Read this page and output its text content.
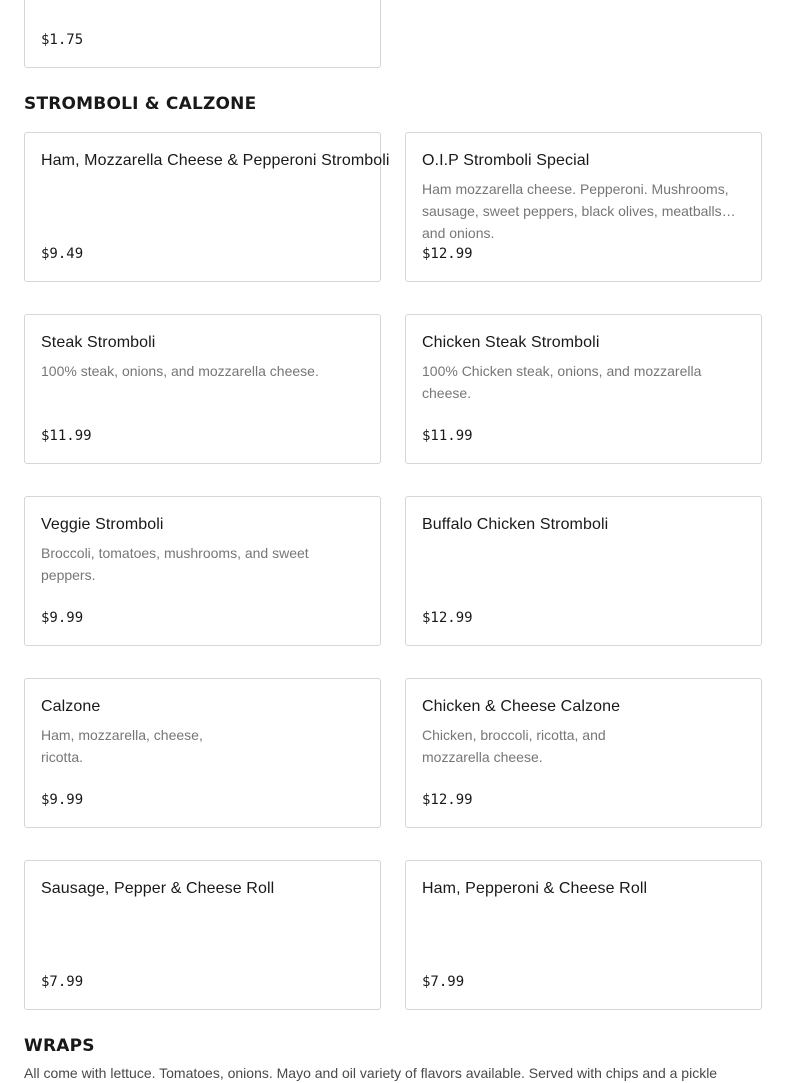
$1.75
STROMBOLI & CALZONE
Ham, Mozzarella Cheese & Pepperoni Stromboli
$9.49
O.I.P Stromboli Special
Ham mozzarella cheese. Pepperoni. Mushrooms, sausage, sweet peppers, black olives, meatballs and onions.
$12.99
Steak Stromboli
100% steak, onions, and mozzarella cheese.
$11.99
Chicken Steak Stromboli
100% Chicken steak, onions, and mozzarella cheese.
$11.99
Veggie Stromboli
Broccoli, tomatoes, mushrooms, and sweet peppers.
$9.99
Buffalo Chicken Stromboli
$12.99
Calzone
Ham, mozzarella, cheese, ricotta.
$9.99
Chicken & Cheese Calzone
Chicken, broccoli, ricotta, and mozzarella cheese.
$12.99
Sausage, Pepper & Cheese Roll
$7.99
Ham, Pepperoni & Cheese Roll
$7.99
WRAPS
All come with lettuce. Tomatoes, onions. Mayo and oil variety of flavors available. Served with chips and a pickle
